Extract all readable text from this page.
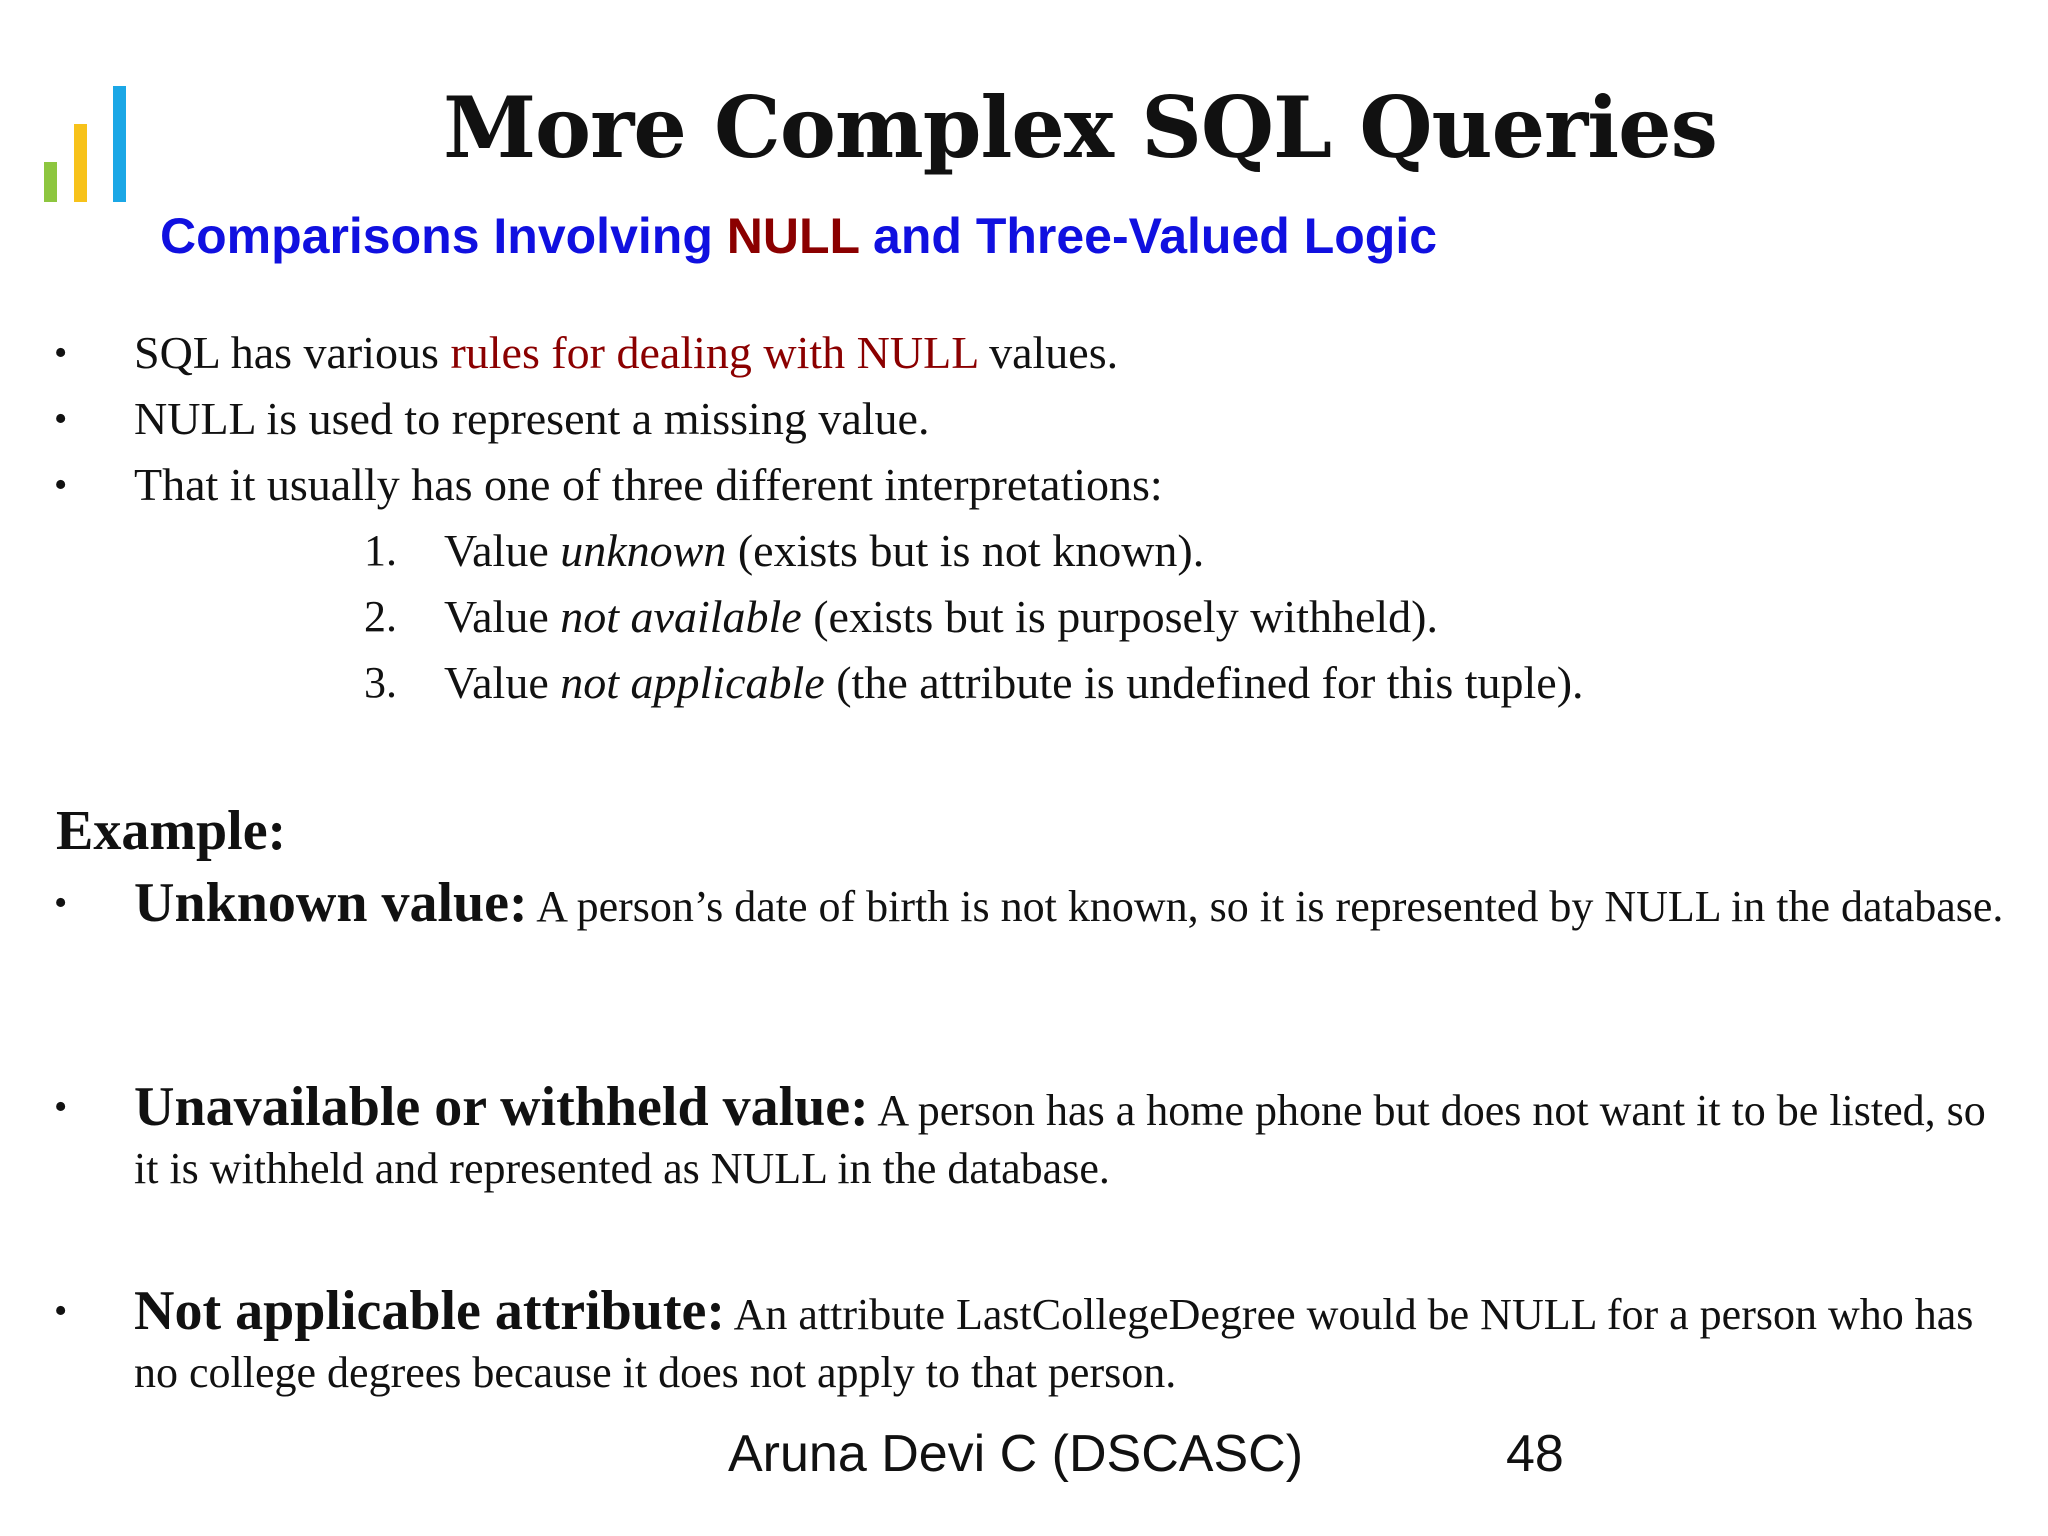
More Complex SQL Queries
Comparisons Involving NULL and Three-Valued Logic
• SQL has various rules for dealing with NULL values.
• NULL is used to represent a missing value.
• That it usually has one of three different interpretations:
1. Value unknown (exists but is not known).
2. Value not available (exists but is purposely withheld).
3. Value not applicable (the attribute is undefined for this tuple).
Example:
• Unknown value: A person’s date of birth is not known, so it is represented by NULL in the database.

• Unavailable or withheld value: A person has a home phone but does not want it to be listed, so it is withheld and represented as NULL in the database.

• Not applicable attribute: An attribute LastCollegeDegree would be NULL for a person who has no college degrees because it does not apply to that person.

Aruna Devi C (DSCASC)	48
